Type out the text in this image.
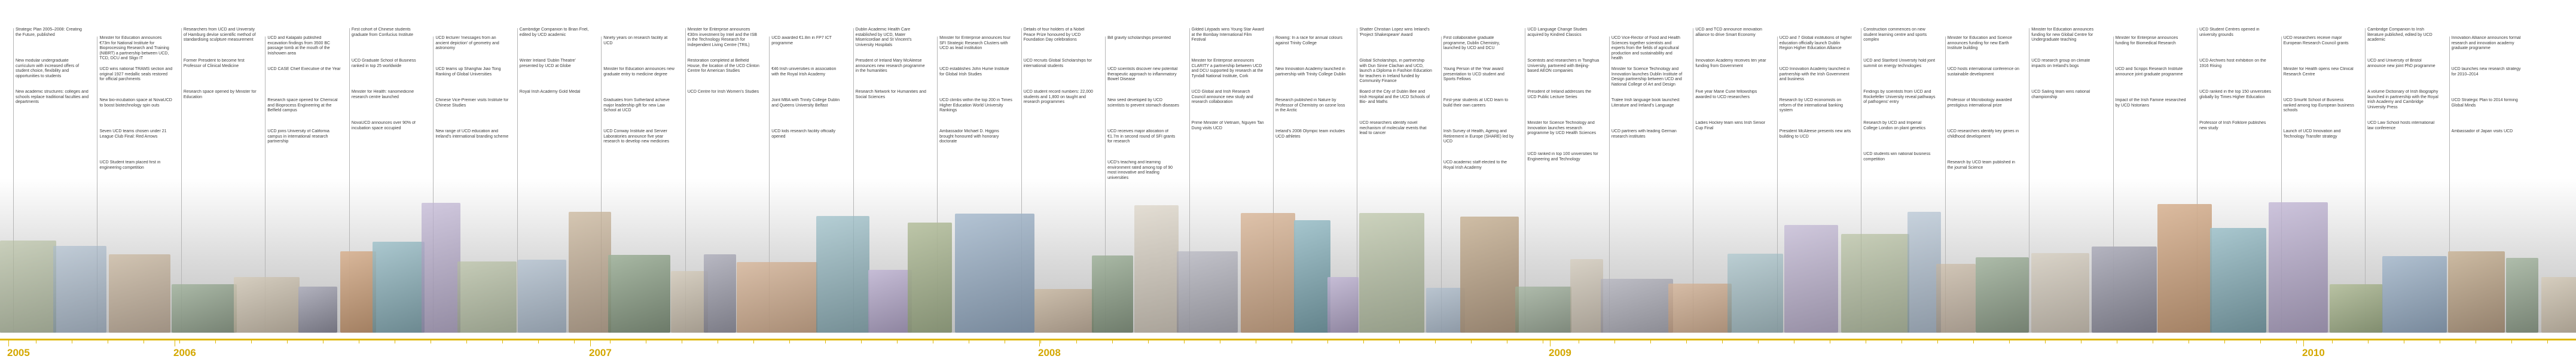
Strategic Plan 2005–2008: Creating the Future, published
New modular undergraduate curriculum with increased offers of student choice, flexibility and opportunities to students
New academic structures: colleges and schools replace traditional faculties and departments
Minister for Education announces €73m for National Institute for Bioprocessing Research and Training (NIBRT) a partnership between UCD, TCD, DCU and Sligo IT
UCD wins national TRAMS section and original 1927 medallic seals restored for official parchments
New bio-incubation space at NovaUCD to boost biotechnology spin outs
Seven UCD teams chosen under 21 League Club Final: Red Arrows
UCD Student team placed first in engineering competition
Researchers from UCD and University of Hamburg devise scientific method of standardising sculpture measurement
Former President to become first Professor of Clinical Medicine
Research space opened by Minister for Education
UCD and Kalapalo published excavation findings from 3500 BC passage tomb at the mouth of the Inishowen area
UCD CASE Chief Executive of the Year
Research space opened for Chemical and Bioprocess Engineering at the Belfield campus
UCD joins University of California campus in international research partnership
First cohort of Chinese students graduate from Confucius Institute
UCD Graduate School of Business ranked in top 25 worldwide
Minister for Health: nanomedicine research centre launched
NovaUCD announces over 90% of incubation space occupied
UCD lecturer 'messages from an ancient depiction' of geometry and astronomy
UCD teams up Shanghai Jiao Tong Ranking of Global Universities
Chinese Vice-Premier visits Institute for Chinese Studies
New range of UCD education and Ireland's international branding scheme
Cambridge Companion to Brian Friel, edited by UCD academic
Winter Ireland 'Dublin Theatre' presented by UCD at Globe
Royal Irish Academy Gold Medal
Ninety years on research facility at UCD
Minister for Education announces new graduate entry to medicine degree
Graduates from Sutherland achieve major leadership gift for new Law School at UCD
UCD Conway Institute and Servier Laboratories announce five year research to develop new medicines
Minister for Enterprise announces €30m investment by Intel and the ISB in the Technology Research for Independent Living Centre (TRIL)
Restoration completed at Belfield House, the location of the UCD Clinton Centre for American Studies
UCD Centre for Irish Women's Studies
UCD awarded €1.8m in FP7 ICT programme
€46 Irish universities in association with the Royal Irish Academy
Joint MBA with Trinity College Dublin and Queens University Belfast
UCD kids research facility officially opened
Dublin Academic Health Care established by UCD, Mater Misericordiae and St Vincent's University Hospitals
President of Ireland Mary McAleese announces new research programme in the humanities
Research Network for Humanities and Social Sciences
Minister for Enterprise announces four SFI Strategic Research Clusters with UCD as lead institution
UCD establishes John Hume Institute for Global Irish Studies
UCD climbs within the top 200 in Times Higher Education World University Rankings
Ambassador Michael D. Higgins brought honoured with honorary doctorate
Details of four holders of a Nobel Peace Prize honoured by UCD Foundation Day celebrations
UCD recruits Global Scholarships for international students
UCD student record numbers: 22,000 students and 1,800 on taught and research programmes
Bill gravity scholarships presented
UCD scientists discover new potential therapeutic approach to inflammatory Bowel Disease
New seed developed by UCD scientists to prevent stomach diseases
UCD receives major allocation of €1.7m in second round of SFI grants for research
UCD's teaching and learning environment rated among top of 90 most innovative and leading universities
Gilded Lilypads wins Young Star Award at the Bombay International Film Festival
Minister for Enterprise announces CLARITY a partnership between UCD and DCU supported by research at the Tyndall National Institute, Cork
UCD Global and Irish Research Council announce new study and research collaboration
Prime Minister of Vietnam, Nguyen Tan Dung visits UCD
Rowing: In a race for annual colours against Trinity College
New Innovation Academy launched in partnership with Trinity College Dublin
Research published in Nature by Professor of Chemistry on ozone loss in the Arctic
Ireland's 2008 Olympic team includes UCD athletes
Shatter Christian Lopez wins Ireland's 'Project Shakespeare' Award
Global Scholarships, in partnership with Dun Sinne Clachan and UCD, launch a Diploma in Fashion Education for teachers in Ireland funded by Community Finance
Board of the City of Dublin Bee and Irish Hospital and the UCD Schools of Bio- and Maths
UCD researchers identify novel mechanism of molecular events that lead to cancer
First collaborative graduate programme, Dublin Chemistry, launched by UCD and DCU
Young Person of the Year award presentation to UCD student and Sports Fellows
First-year students at UCD learn to build their own careers
Irish Survey of Health, Ageing and Retirement in Europe (SHARE) led by UCD
UCD academic staff elected to the Royal Irish Academy
UCD Language Change Studies acquired by Kindred Classics
Scientists and researchers in Tsinghua University, partnered with Beijing-based AEON companies
President of Ireland addresses the UCD Public Lecture Series
Minister for Science Technology and Innovation launches research programme by UCD Health Sciences
UCD ranked in top 100 universities for Engineering and Technology
UCD Vice-Rector of Food and Health Sciences together scientists and experts from the fields of agricultural production and sustainability and health
Minister for Science Technology and Innovation launches Dublin Institute of Design partnership between UCD and National College of Art and Design
Tralee Irish language book launched: Literature and Ireland's Language
UCD partners with leading German research institutes
UCD and TCD announce innovation alliance to drive Smart Economy
Innovation Academy receives ten year funding from Government
Five year Marie Curie fellowships awarded to UCD researchers
Ladies Hockey team wins Irish Senior Cup Final
UCD and 7 Global institutions of higher education officially launch Dublin Region Higher Education Alliance
UCD Innovation Academy launched in partnership with the Irish Government and business
Research by UCD economists on reform of the international banking system
President McAleese presents new arts building to UCD
Construction commences on new student learning centre and sports complex
UCD and Stanford University hold joint summit on energy technologies
Findings by scientists from UCD and Rockefeller University reveal pathways of pathogens' entry
Research by UCD and Imperial College London on plant genetics
UCD students win national business competition
Minister for Education and Science announces funding for new Earth Institute building
UCD hosts international conference on sustainable development
Professor of Microbiology awarded prestigious international prize
UCD researchers identify key genes in childhood development
Research by UCD team published in the journal Science
Minister for Education announces funding for new Global Centre for Undergraduate teaching
UCD research group on climate impacts on Ireland's bogs
UCD Sailing team wins national championship
Minister for Enterprise announces funding for Biomedical Research
UCD and Scripps Research Institute announce joint graduate programme
Impact of the Irish Famine researched by UCD historians
UCD Student Centres opened in university grounds
UCD Archives host exhibition on the 1916 Rising
UCD ranked in the top 150 universities globally by Times Higher Education
Professor of Irish Folklore publishes new study
UCD researchers receive major European Research Council grants
Minister for Health opens new Clinical Research Centre
UCD Smurfit School of Business ranked among top European business schools
Launch of UCD Innovation and Technology Transfer strategy
Cambridge Companion to Irish literature published, edited by UCD academic
UCD and University of Bristol announce new joint PhD programme
A volume Dictionary of Irish Biography launched in partnership with the Royal Irish Academy and Cambridge University Press
UCD Law School hosts international law conference
Innovation Alliance announces formal research and innovation academy graduate programme
UCD launches new research strategy for 2010–2014
UCD Strategic Plan to 2014 forming Global Minds
Ambassador of Japan visits UCD
2005	2006	2007	2008	2009	2010
